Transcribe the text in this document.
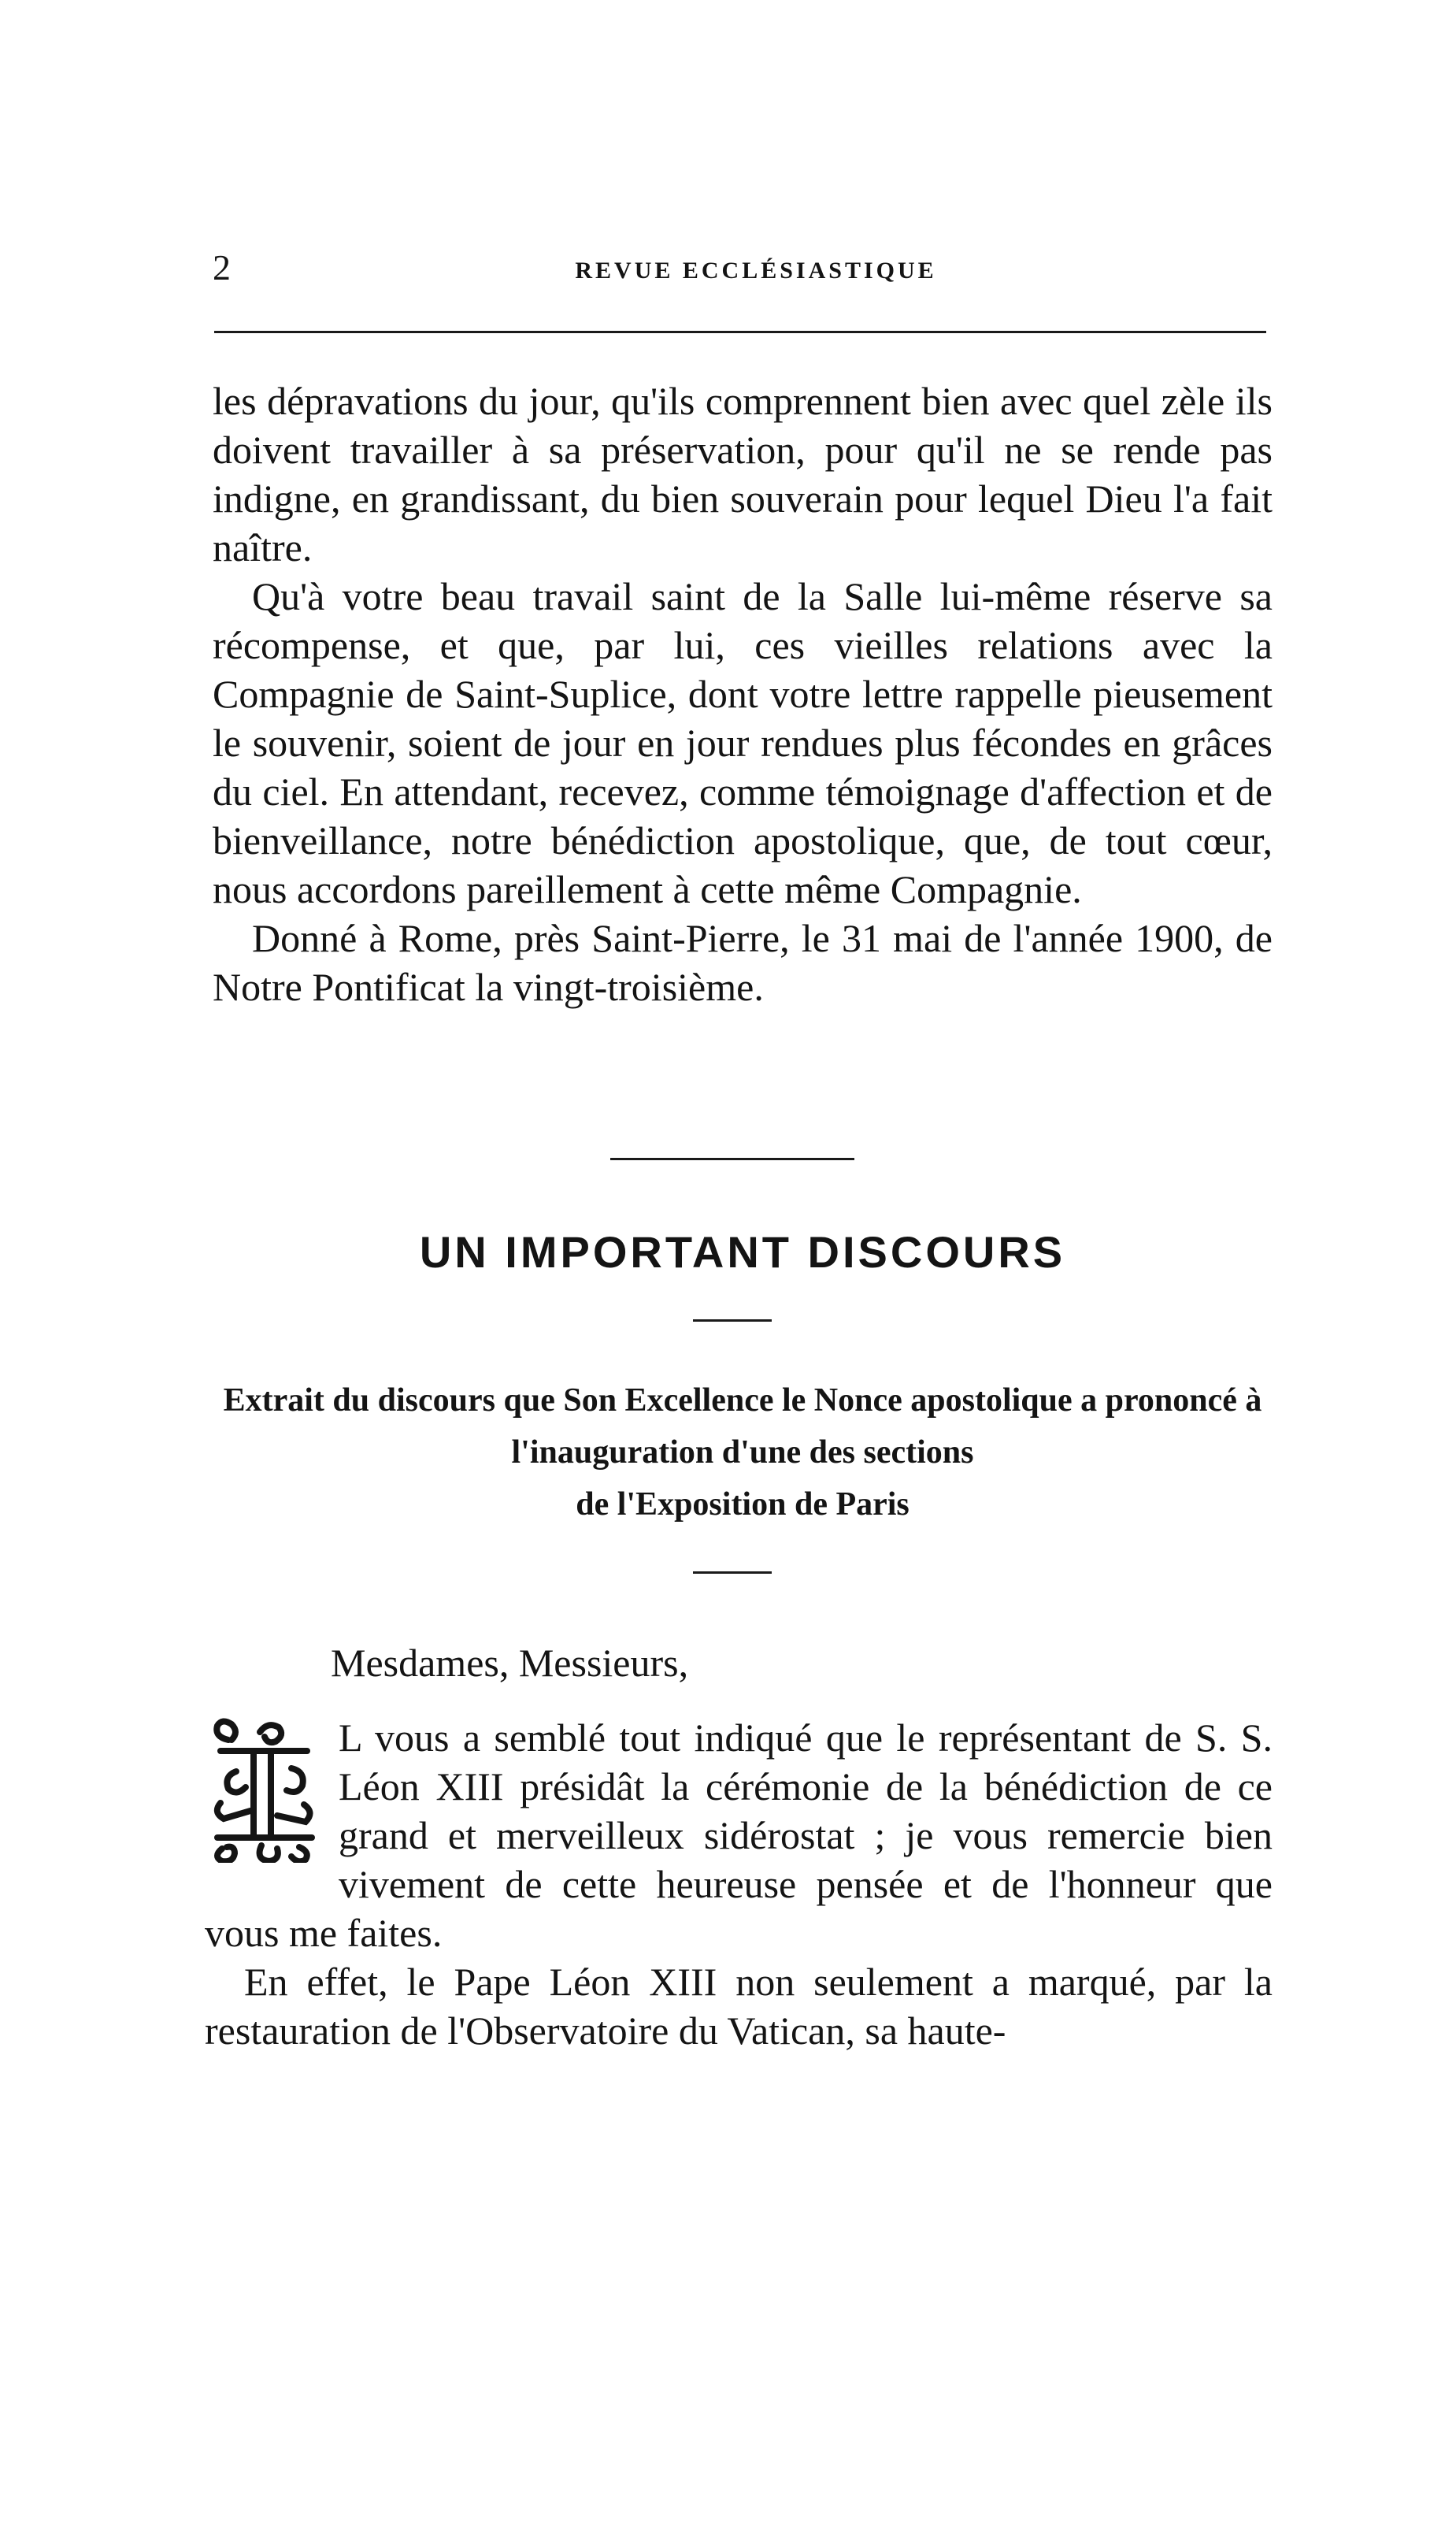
2	REVUE ECCLÉSIASTIQUE

les dépravations du jour, qu'ils comprennent bien avec quel zèle ils doivent travailler à sa préservation, pour qu'il ne se rende pas indigne, en grandissant, du bien souverain pour lequel Dieu l'a fait naître.

Qu'à votre beau travail saint de la Salle lui-même réserve sa récompense, et que, par lui, ces vieilles relations avec la Compagnie de Saint-Suplice, dont votre lettre rappelle pieusement le souvenir, soient de jour en jour rendues plus fécondes en grâces du ciel. En attendant, recevez, comme témoignage d'affection et de bienveillance, notre bénédiction apostolique, que, de tout cœur, nous accordons pareillement à cette même Compagnie.

Donné à Rome, près Saint-Pierre, le 31 mai de l'année 1900, de Notre Pontificat la vingt-troisième.

UN IMPORTANT DISCOURS

Extrait du discours que Son Excellence le Nonce apostolique a prononcé à l'inauguration d'une des sections

de l'Exposition de Paris

Mesdames, Messieurs,

L vous a semblé tout indiqué que le représentant de S. S. Léon XIII présidât la cérémonie de la bénédiction de ce grand et merveilleux sidérostat ; je vous remercie bien vivement de cette heureuse pensée et de l'honneur que vous me faites.

En effet, le Pape Léon XIII non seulement a marqué, par la restauration de l'Observatoire du Vatican, sa haute-
